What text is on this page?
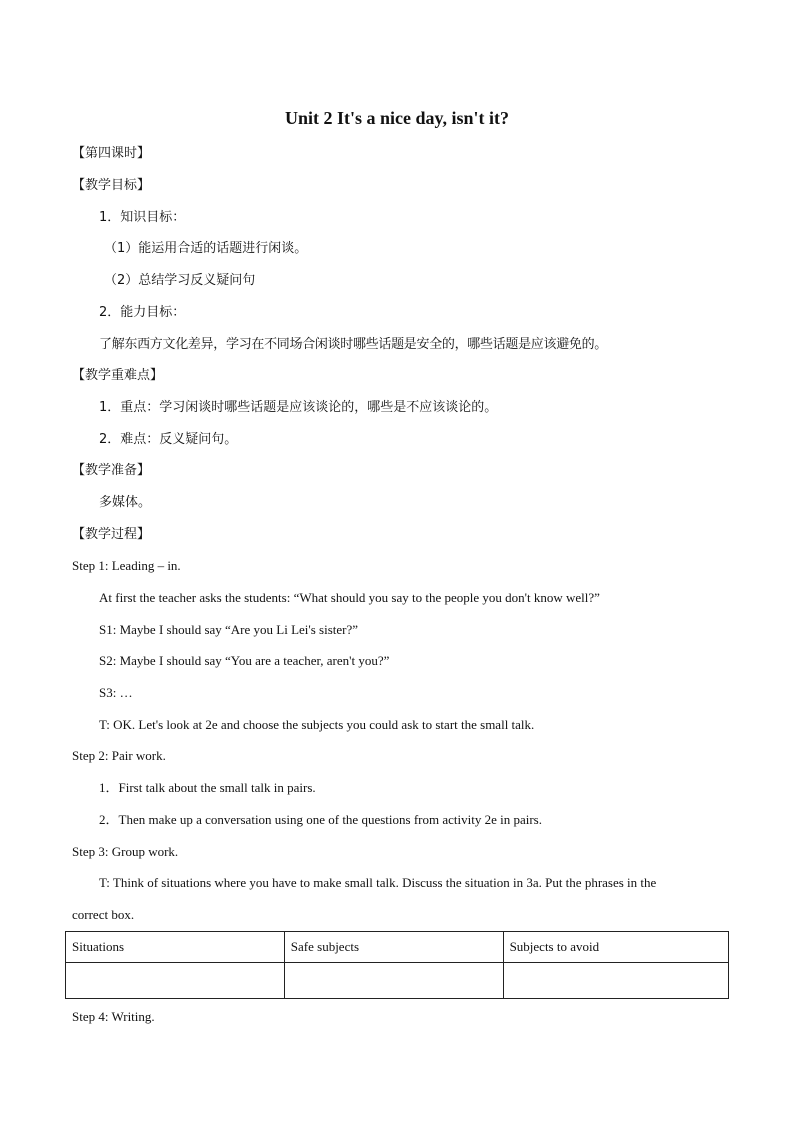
Unit 2 It's a nice day, isn't it?
【第四课时】
【教学目标】
1．知识目标：
（1）能运用合适的话题进行闲谈。
（2）总结学习反义疑问句
2．能力目标：
了解东西方文化差异，学习在不同场合闲谈时哪些话题是安全的，哪些话题是应该避免的。
【教学重难点】
1．重点：学习闲谈时哪些话题是应该谈论的，哪些是不应该谈论的。
2．难点：反义疑问句。
【教学准备】
多媒体。
【教学过程】
Step 1: Leading – in.
At first the teacher asks the students: “What should you say to the people you don't know well?”
S1: Maybe I should say “Are you Li Lei's sister?”
S2: Maybe I should say “You are a teacher, aren't you?”
S3: …
T: OK. Let's look at 2e and choose the subjects you could ask to start the small talk.
Step 2: Pair work.
1．First talk about the small talk in pairs.
2．Then make up a conversation using one of the questions from activity 2e in pairs.
Step 3: Group work.
T: Think of situations where you have to make small talk. Discuss the situation in 3a. Put the phrases in the
correct box.
Situations	Safe subjects	Subjects to avoid

Step 4: Writing.
